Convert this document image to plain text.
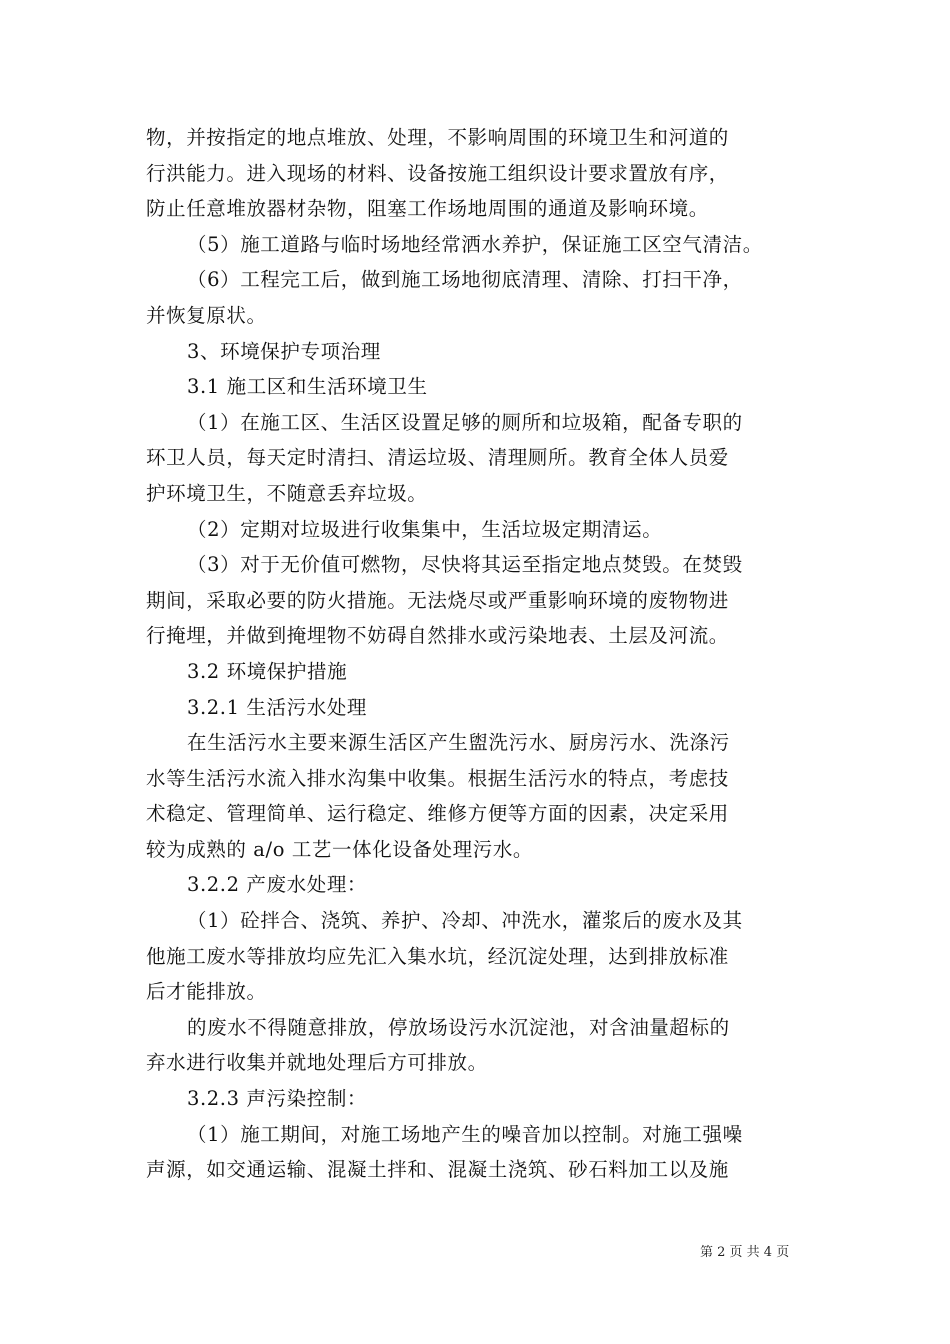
物，并按指定的地点堆放、处理，不影响周围的环境卫生和河道的
行洪能力。进入现场的材料、设备按施工组织设计要求置放有序，
防止任意堆放器材杂物，阻塞工作场地周围的通道及影响环境。
（5）施工道路与临时场地经常洒水养护，保证施工区空气清洁。
（6）工程完工后，做到施工场地彻底清理、清除、打扫干净，
并恢复原状。
3、环境保护专项治理
3.1 施工区和生活环境卫生
（1）在施工区、生活区设置足够的厕所和垃圾箱，配备专职的
环卫人员，每天定时清扫、清运垃圾、清理厕所。教育全体人员爱
护环境卫生，不随意丢弃垃圾。
（2）定期对垃圾进行收集集中，生活垃圾定期清运。
（3）对于无价值可燃物，尽快将其运至指定地点焚毁。在焚毁
期间，采取必要的防火措施。无法烧尽或严重影响环境的废物物进
行掩埋，并做到掩埋物不妨碍自然排水或污染地表、土层及河流。
3.2 环境保护措施
3.2.1 生活污水处理
在生活污水主要来源生活区产生盥洗污水、厨房污水、洗涤污
水等生活污水流入排水沟集中收集。根据生活污水的特点，考虑技
术稳定、管理简单、运行稳定、维修方便等方面的因素，决定采用
较为成熟的 a/o 工艺一体化设备处理污水。
3.2.2 产废水处理：
（1）砼拌合、浇筑、养护、冷却、冲洗水，灌浆后的废水及其
他施工废水等排放均应先汇入集水坑，经沉淀处理，达到排放标准
后才能排放。
的废水不得随意排放，停放场设污水沉淀池，对含油量超标的
弃水进行收集并就地处理后方可排放。
3.2.3 声污染控制：
（1）施工期间，对施工场地产生的噪音加以控制。对施工强噪
声源，如交通运输、混凝土拌和、混凝土浇筑、砂石料加工以及施
第 2 页 共 4 页
